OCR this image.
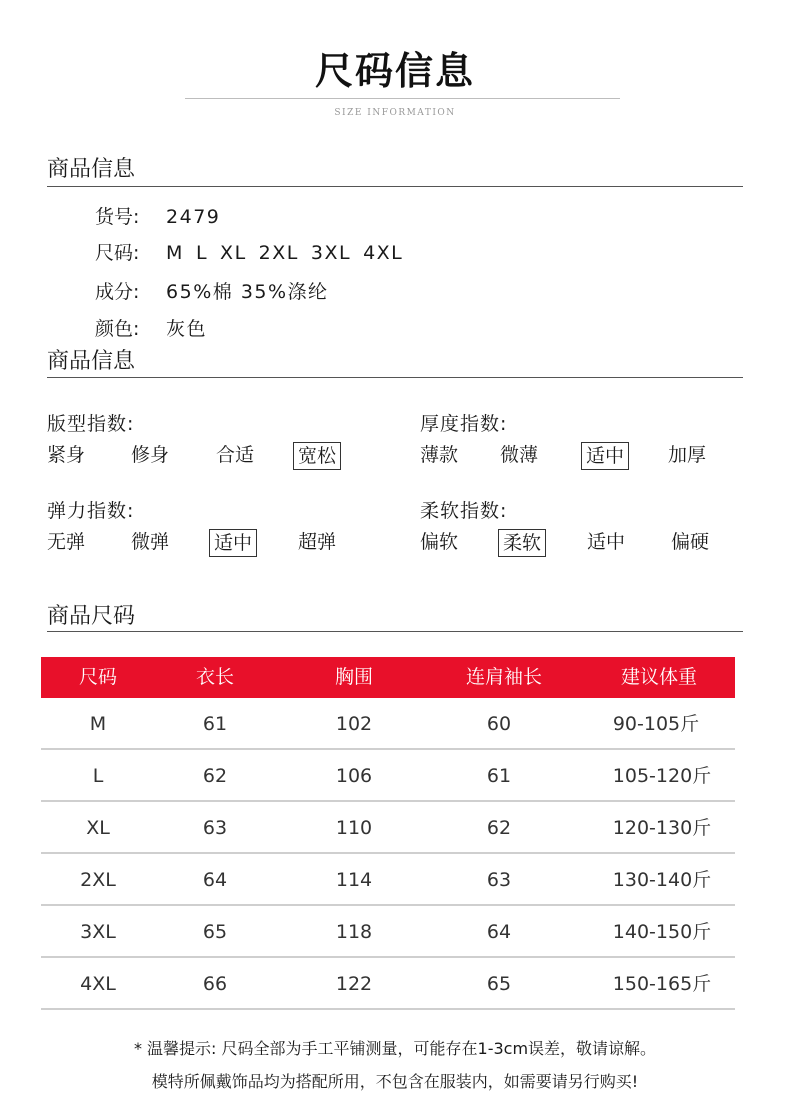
尺码信息
SIZE INFORMATION
商品信息
货号: 2479
尺码: M L XL 2XL 3XL 4XL
成分: 65%棉 35%涤纶
颜色: 灰色
商品信息
版型指数:
紧身 修身 合适 宽松
厚度指数:
薄款 微薄	适中 加厚
弹力指数:
无弹 微弹 适中 超弹
柔软指数:
偏软 柔软 适中 偏硬
商品尺码
尺码	衣长	胸围	连肩袖长	建议体重
M	61	102	60	90-105斤
L	62	106	61	105-120斤
XL	63	110	62	120-130斤
2XL	64	114	63	130-140斤
3XL	65	118	64	140-150斤
4XL	66	122	65	150-165斤
* 温馨提示: 尺码全部为手工平铺测量，可能存在1-3cm误差，敬请谅解。
模特所佩戴饰品均为搭配所用，不包含在服装内，如需要请另行购买!
